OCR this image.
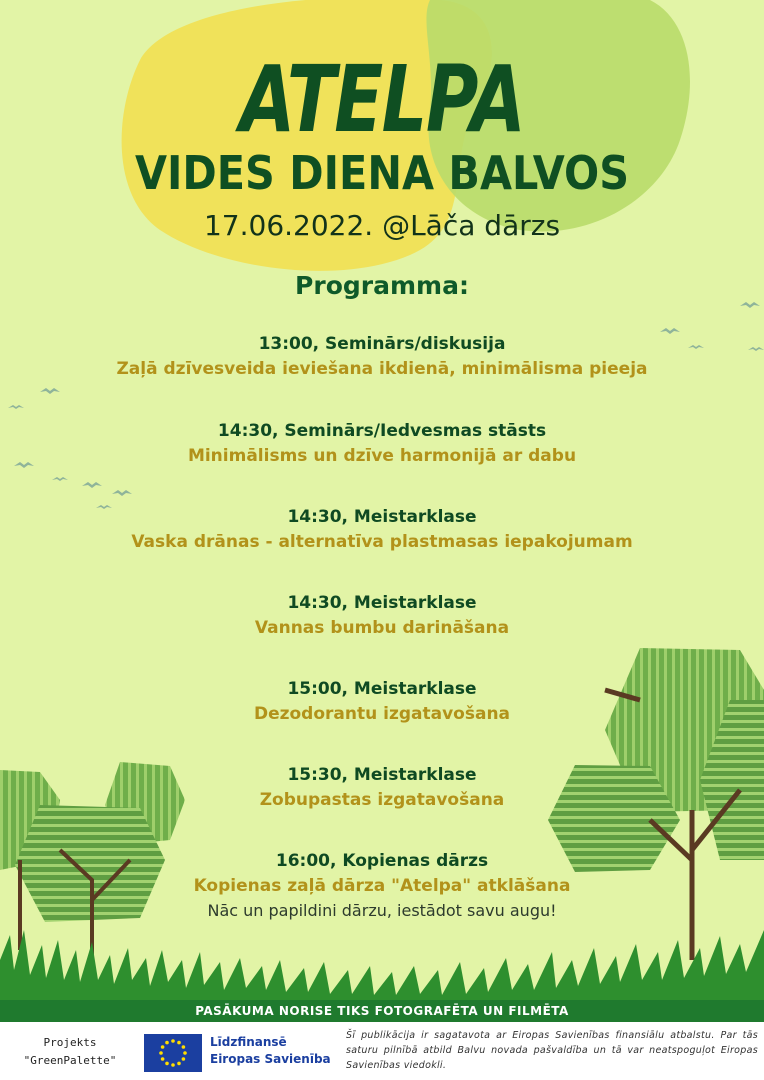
ATELPA
VIDES DIENA BALVOS
17.06.2022. @Lāča dārzs
Programma:
13:00, Seminārs/diskusija
Zaļā dzīvesveida ieviešana ikdienā, minimālisma pieeja
14:30, Seminārs/Iedvesmas stāsts
Minimālisms un dzīve harmonijā ar dabu
14:30, Meistarklase
Vaska drānas - alternatīva plastmasas iepakojumam
14:30, Meistarklase
Vannas bumbu darināšana
15:00, Meistarklase
Dezodorantu izgatavošana
15:30, Meistarklase
Zobupastas izgatavošana
16:00, Kopienas dārzs
Kopienas zaļā dārza "Atelpa" atklāšana
Nāc un papildini dārzu, iestādot savu augu!
PASĀKUMA NORISE TIKS FOTOGRAFĒTA UN FILMĒTA
Projekts
"GreenPalette"
Līdzfinansē
Eiropas Savienība
Šī publikācija ir sagatavota ar Eiropas Savienības finansiālu atbalstu. Par tās saturu pilnībā atbild Balvu novada pašvaldība un tā var neatspoguļot Eiropas Savienības viedokli.
